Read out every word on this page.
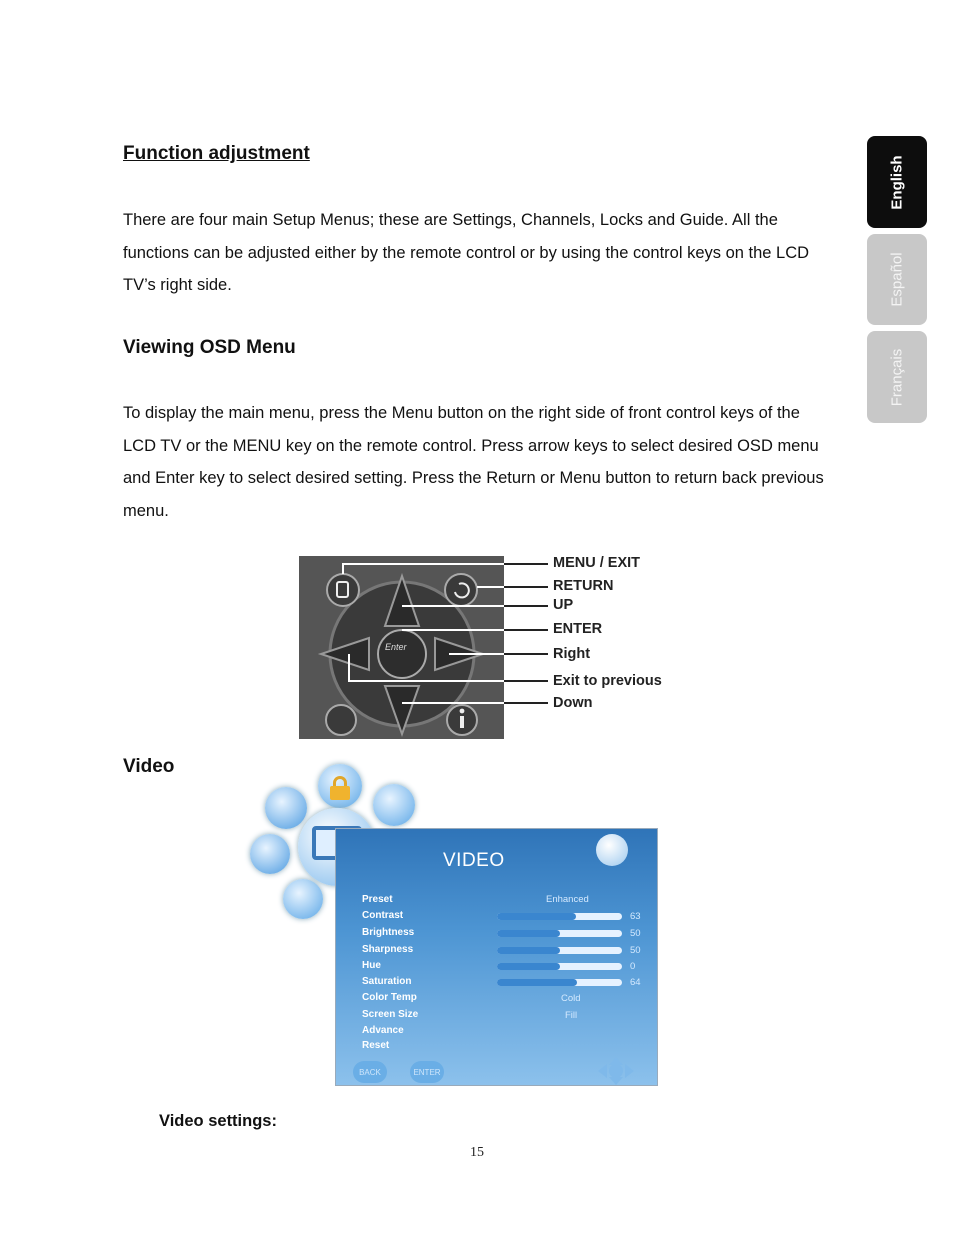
English
Español
Français
Function adjustment

There are four main Setup Menus; these are Settings, Channels, Locks and Guide. All the functions can be adjusted either by the remote control or by using the control keys on the LCD TV’s right side.

Viewing OSD Menu

To display the main menu, press the Menu button on the right side of front control keys of the LCD TV or the MENU key on the remote control. Press arrow keys to select desired OSD menu and Enter key to select desired setting. Press the Return or Menu button to return back previous menu.

Enter
MENU / EXIT
RETURN
UP
ENTER
Right
Exit to previous
Down
Video
VIDEO
Preset	Enhanced
Contrast	63
Brightness	50
Sharpness	50
Hue	0
Saturation	64
Color Temp	Cold
Screen Size	Fill
Advance
Reset
BACK	ENTER

Video settings:

15
